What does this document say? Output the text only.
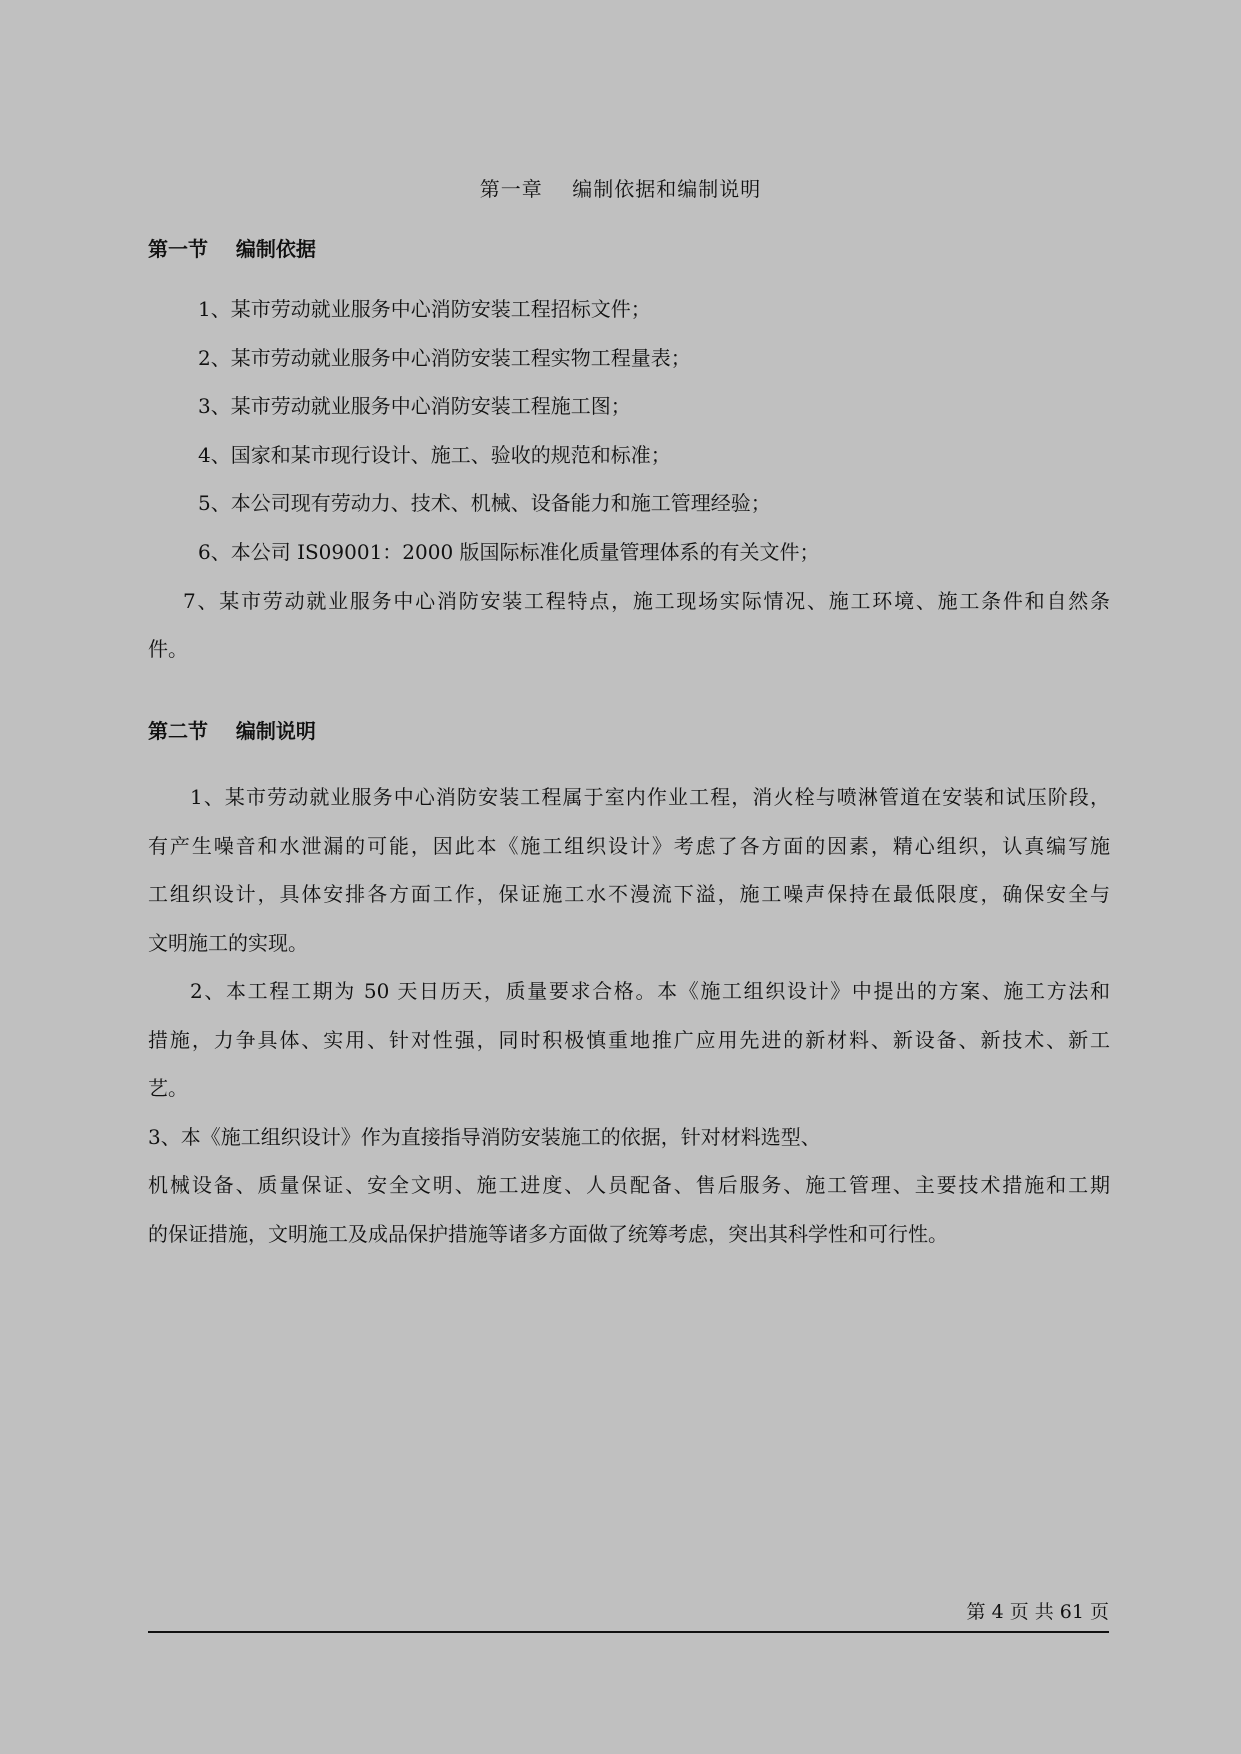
第一章    编制依据和编制说明
第一节    编制依据
1、某市劳动就业服务中心消防安装工程招标文件；
2、某市劳动就业服务中心消防安装工程实物工程量表；
3、某市劳动就业服务中心消防安装工程施工图；
4、国家和某市现行设计、施工、验收的规范和标准；
5、本公司现有劳动力、技术、机械、设备能力和施工管理经验；
6、本公司 IS09001：2000 版国际标准化质量管理体系的有关文件；
7、某市劳动就业服务中心消防安装工程特点，施工现场实际情况、施工环境、施工条件和自然条
件。
第二节    编制说明
1、某市劳动就业服务中心消防安装工程属于室内作业工程，消火栓与喷淋管道在安装和试压阶段，
有产生噪音和水泄漏的可能，因此本《施工组织设计》考虑了各方面的因素，精心组织，认真编写施
工组织设计，具体安排各方面工作，保证施工水不漫流下溢，施工噪声保持在最低限度，确保安全与
文明施工的实现。
2、本工程工期为 50 天日历天，质量要求合格。本《施工组织设计》中提出的方案、施工方法和
措施，力争具体、实用、针对性强，同时积极慎重地推广应用先进的新材料、新设备、新技术、新工
艺。
3、本《施工组织设计》作为直接指导消防安装施工的依据，针对材料选型、
机械设备、质量保证、安全文明、施工进度、人员配备、售后服务、施工管理、主要技术措施和工期
的保证措施，文明施工及成品保护措施等诸多方面做了统筹考虑，突出其科学性和可行性。
第 4 页 共 61 页
